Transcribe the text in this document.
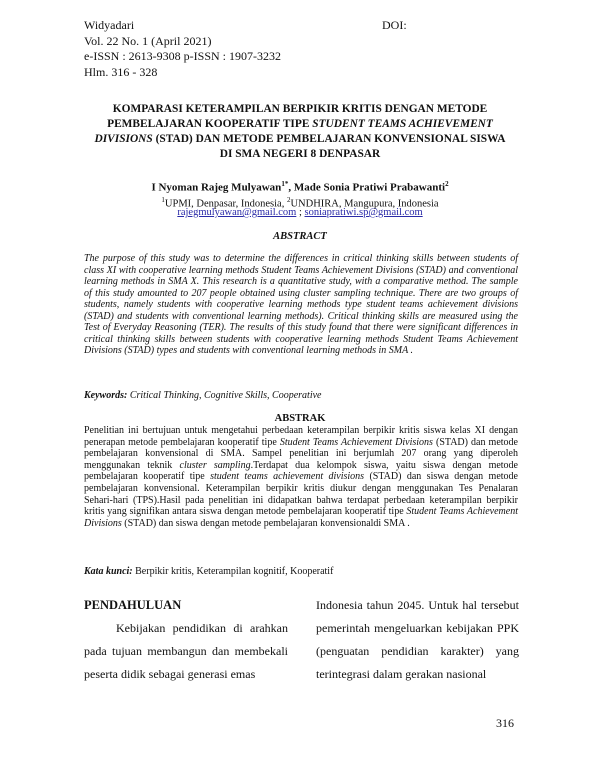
Widyadari
Vol. 22 No. 1 (April 2021)
e-ISSN : 2613-9308 p-ISSN : 1907-3232
Hlm. 316 - 328
DOI:
KOMPARASI KETERAMPILAN BERPIKIR KRITIS DENGAN METODE
PEMBELAJARAN KOOPERATIF TIPE STUDENT TEAMS ACHIEVEMENT
DIVISIONS (STAD) DAN METODE PEMBELAJARAN KONVENSIONAL SISWA
DI SMA NEGERI 8 DENPASAR
I Nyoman Rajeg Mulyawan$^{1*}$, Made Sonia Pratiwi Prabawanti$^2$
$^1$UPMI, Denpasar, Indonesia, $^2$UNDHIRA, Mangupura, Indonesia
rajegmulyawan@gmail.com ; soniapratiwi.sp@gmail.com
ABSTRACT
The purpose of this study was to determine the differences in critical thinking skills between students of class XI with cooperative learning methods Student Teams Achievement Divisions (STAD) and conventional learning methods in SMA X. This research is a quantitative study, with a comparative method. The sample of this study amounted to 207 people obtained using cluster sampling technique. There are two groups of students, namely students with cooperative learning methods type student teams achievement divisions (STAD) and students with conventional learning methods). Critical thinking skills are measured using the Test of Everyday Reasoning (TER). The results of this study found that there were significant differences in critical thinking skills between students with cooperative learning methods Student Teams Achievement Divisions (STAD) types and students with conventional learning methods in SMA .
Keywords: Critical Thinking, Cognitive Skills, Cooperative
ABSTRAK
Penelitian ini bertujuan untuk mengetahui perbedaan keterampilan berpikir kritis siswa kelas XI dengan penerapan metode pembelajaran kooperatif tipe Student Teams Achievement Divisions (STAD) dan metode pembelajaran konvensional di SMA. Sampel penelitian ini berjumlah 207 orang yang diperoleh menggunakan teknik cluster sampling.Terdapat dua kelompok siswa, yaitu siswa dengan metode pembelajaran kooperatif tipe student teams achievement divisions (STAD) dan siswa dengan metode pembelajaran konvensional. Keterampilan berpikir kritis diukur dengan menggunakan Tes Penalaran Sehari-hari (TPS).Hasil pada penelitian ini didapatkan bahwa terdapat perbedaan keterampilan berpikir kritis yang signifikan antara siswa dengan metode pembelajaran kooperatif tipe Student Teams Achievement Divisions (STAD) dan siswa dengan metode pembelajaran konvensionaldi SMA .
Kata kunci: Berpikir kritis, Keterampilan kognitif, Kooperatif
PENDAHULUAN
Kebijakan pendidikan di arahkan pada tujuan membangun dan membekali peserta didik sebagai generasi emas
Indonesia tahun 2045. Untuk hal tersebut pemerintah mengeluarkan kebijakan PPK (penguatan pendidian karakter) yang terintegrasi dalam gerakan nasional
316
